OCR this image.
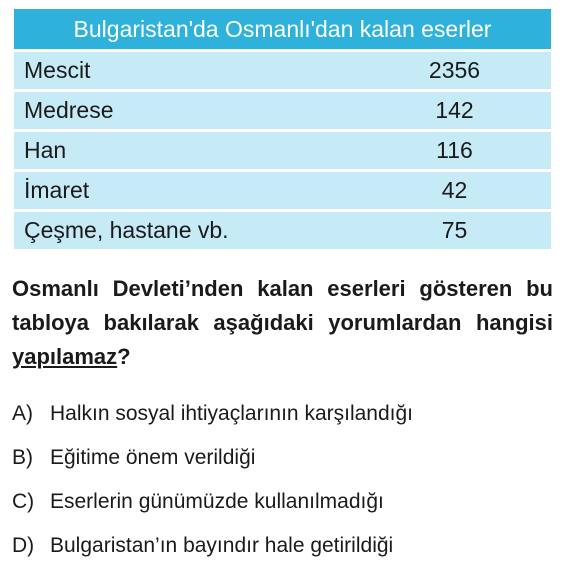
Bulgaristan'da Osmanlı'dan kalan eserler
Mescit	2356
Medrese	142
Han	116
İmaret	42
Çeşme, hastane vb.	75
Osmanlı Devleti’nden kalan eserleri gösteren bu tabloya bakılarak aşağıdaki yorumlardan hangisi yapılamaz?
A) Halkın sosyal ihtiyaçlarının karşılandığı
B) Eğitime önem verildiği
C) Eserlerin günümüzde kullanılmadığı
D) Bulgaristan’ın bayındır hale getirildiği
